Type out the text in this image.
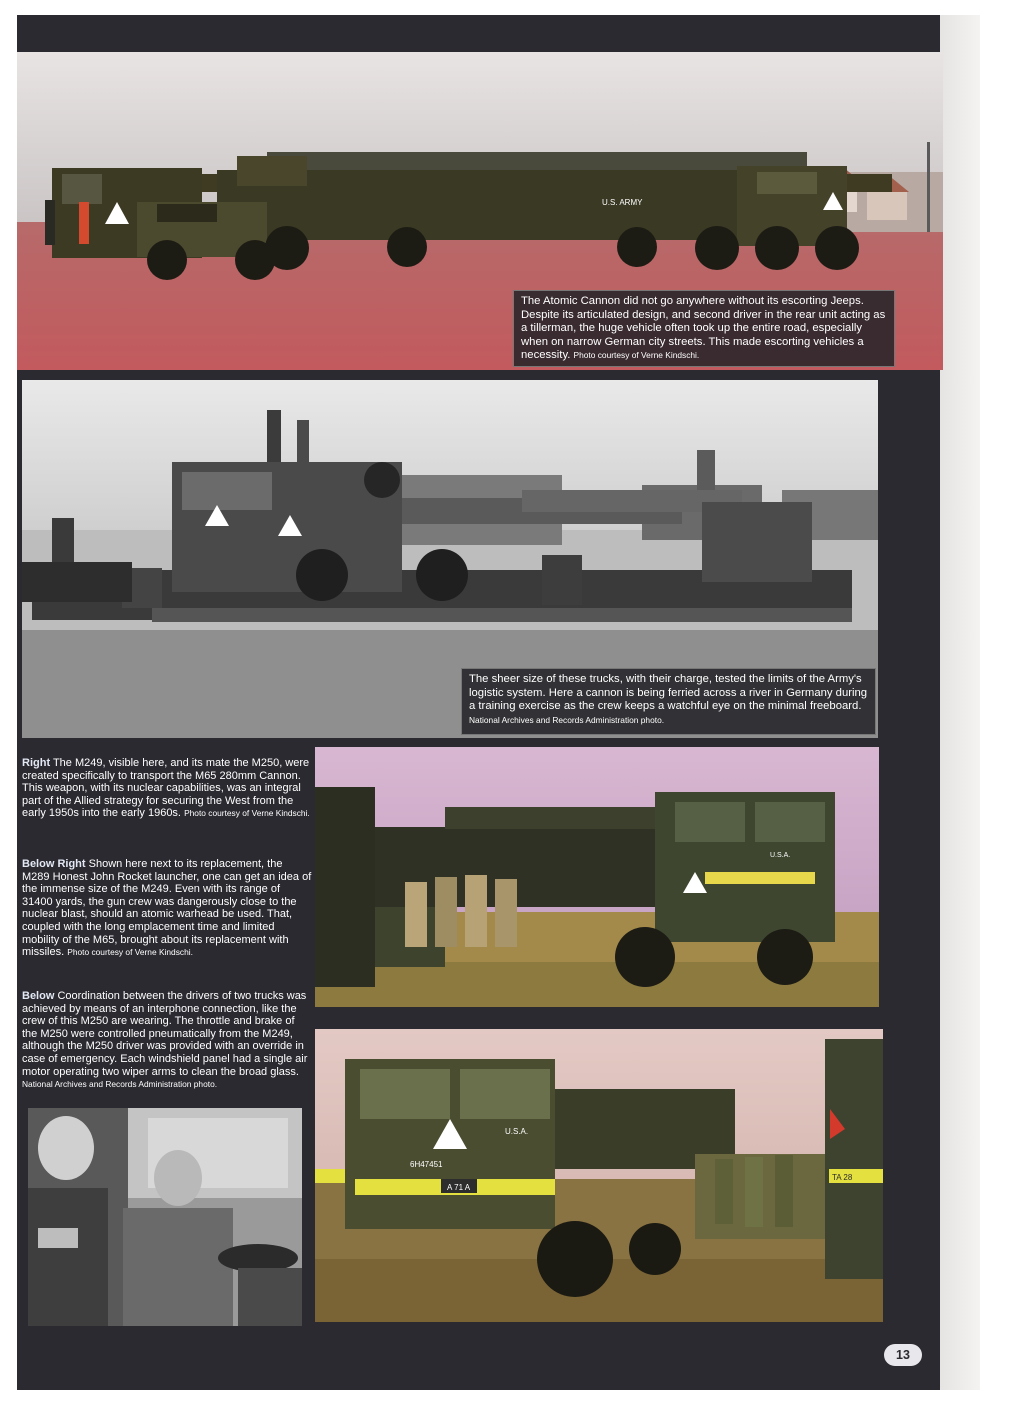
U.S. ARMY
The Atomic Cannon did not go anywhere without its escorting Jeeps. Despite its articulated design, and second driver in the rear unit acting as a tillerman, the huge vehicle often took up the entire road, especially when on narrow German city streets. This made escorting vehicles a necessity. Photo courtesy of Verne Kindschi.
The sheer size of these trucks, with their charge, tested the limits of the Army's logistic system. Here a cannon is being ferried across a river in Germany during a training exercise as the crew keeps a watchful eye on the minimal freeboard. National Archives and Records Administration photo.
U.S.A.
U.S.A.
6H47451
A 71 A
TA 28
Right The M249, visible here, and its mate the M250, were created specifically to transport the M65 280mm Cannon. This weapon, with its nuclear capabilities, was an integral part of the Allied strategy for securing the West from the early 1950s into the early 1960s. Photo courtesy of Verne Kindschi.
Below Right Shown here next to its replacement, the M289 Honest John Rocket launcher, one can get an idea of the immense size of the M249. Even with its range of 31400 yards, the gun crew was dangerously close to the nuclear blast, should an atomic warhead be used. That, coupled with the long emplacement time and limited mobility of the M65, brought about its replacement with missiles. Photo courtesy of Verne Kindschi.
Below Coordination between the drivers of two trucks was achieved by means of an interphone connection, like the crew of this M250 are wearing. The throttle and brake of the M250 were controlled pneumatically from the M249, although the M250 driver was provided with an override in case of emergency. Each windshield panel had a single air motor operating two wiper arms to clean the broad glass. National Archives and Records Administration photo.
13
